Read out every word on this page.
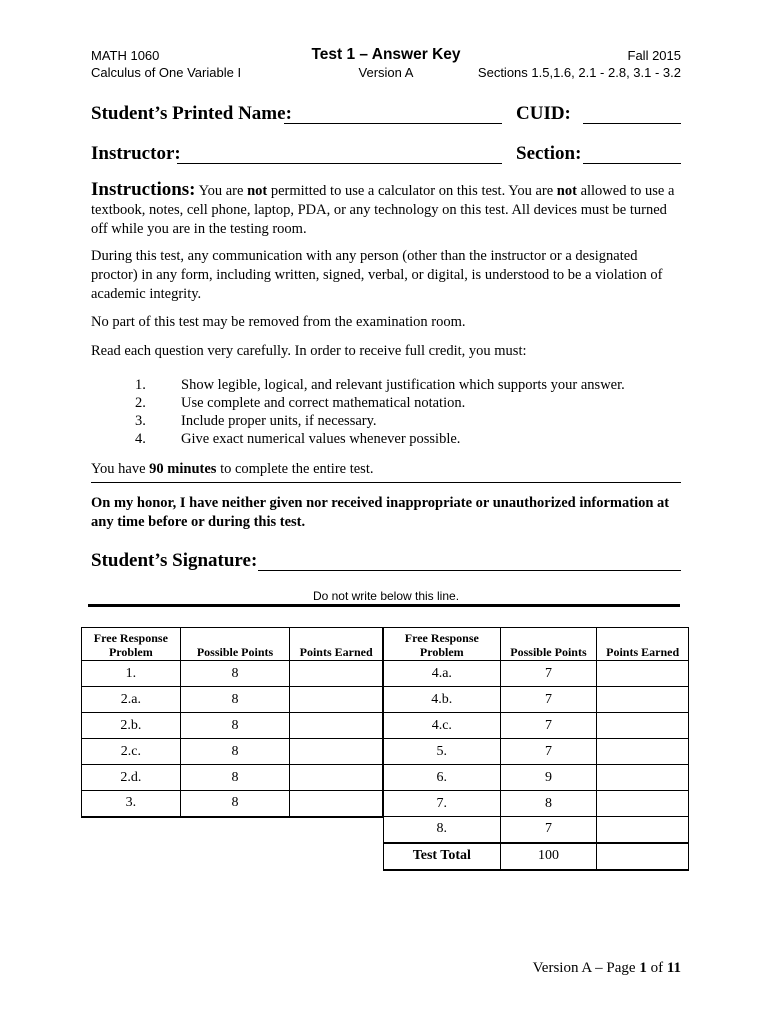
MATH 1060
Calculus of One Variable I
Test 1 – Answer Key
Version A
Fall 2015
Sections 1.5,1.6, 2.1 - 2.8, 3.1 - 3.2
Student’s Printed Name:	CUID:
Instructor:	Section:

Instructions: You are not permitted to use a calculator on this test. You are not allowed to use a textbook, notes, cell phone, laptop, PDA, or any technology on this test. All devices must be turned off while you are in the testing room.

During this test, any communication with any person (other than the instructor or a designated proctor) in any form, including written, signed, verbal, or digital, is understood to be a violation of academic integrity.

No part of this test may be removed from the examination room.

Read each question very carefully. In order to receive full credit, you must:

1. Show legible, logical, and relevant justification which supports your answer.
2. Use complete and correct mathematical notation.
3. Include proper units, if necessary.
4. Give exact numerical values whenever possible.

You have 90 minutes to complete the entire test.

On my honor, I have neither given nor received inappropriate or unauthorized information at any time before or during this test.
Student’s Signature:
Do not write below this line.
Free Response
Problem	Possible Points	Points Earned
1.	8	
2.a.	8	
2.b.	8	
2.c.	8	
2.d.	8	
3.	8	
Free Response
Problem	Possible Points	Points Earned
4.a.	7	
4.b.	7	
4.c.	7	
5.	7	
6.	9	
7.	8	
8.	7	
Test Total	100	
Version A – Page 1 of 11
